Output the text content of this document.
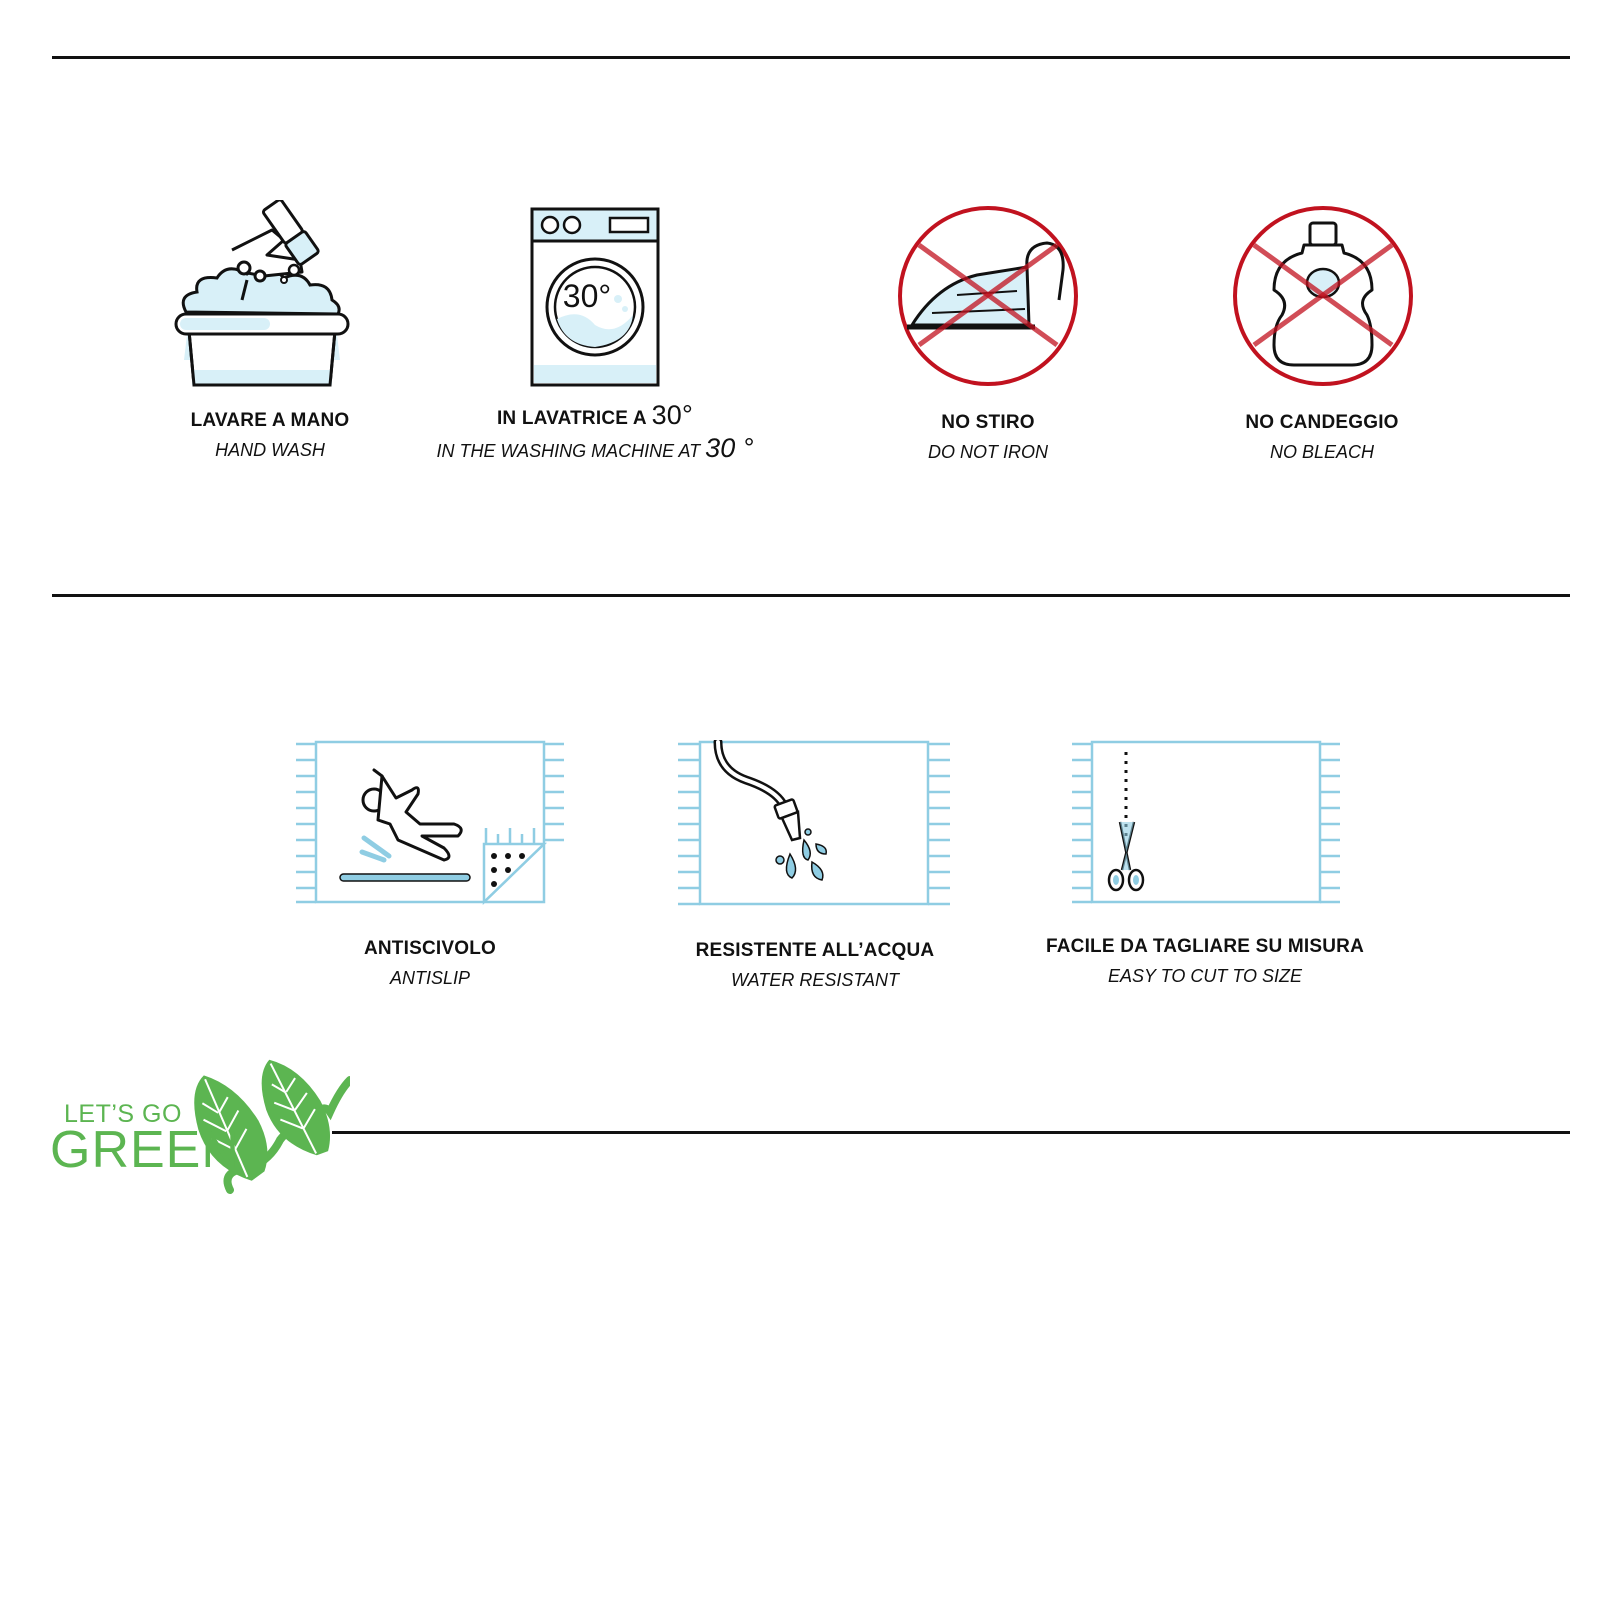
LAVARE A MANO
HAND WASH
30°
IN LAVATRICE A 30°
IN THE WASHING MACHINE AT 30 °
NO STIRO
DO NOT IRON
NO CANDEGGIO
NO BLEACH
ANTISCIVOLO
ANTISLIP
RESISTENTE ALL’ACQUA
WATER RESISTANT
FACILE DA TAGLIARE SU MISURA
EASY TO CUT TO SIZE
LET’S GO
GREEN
